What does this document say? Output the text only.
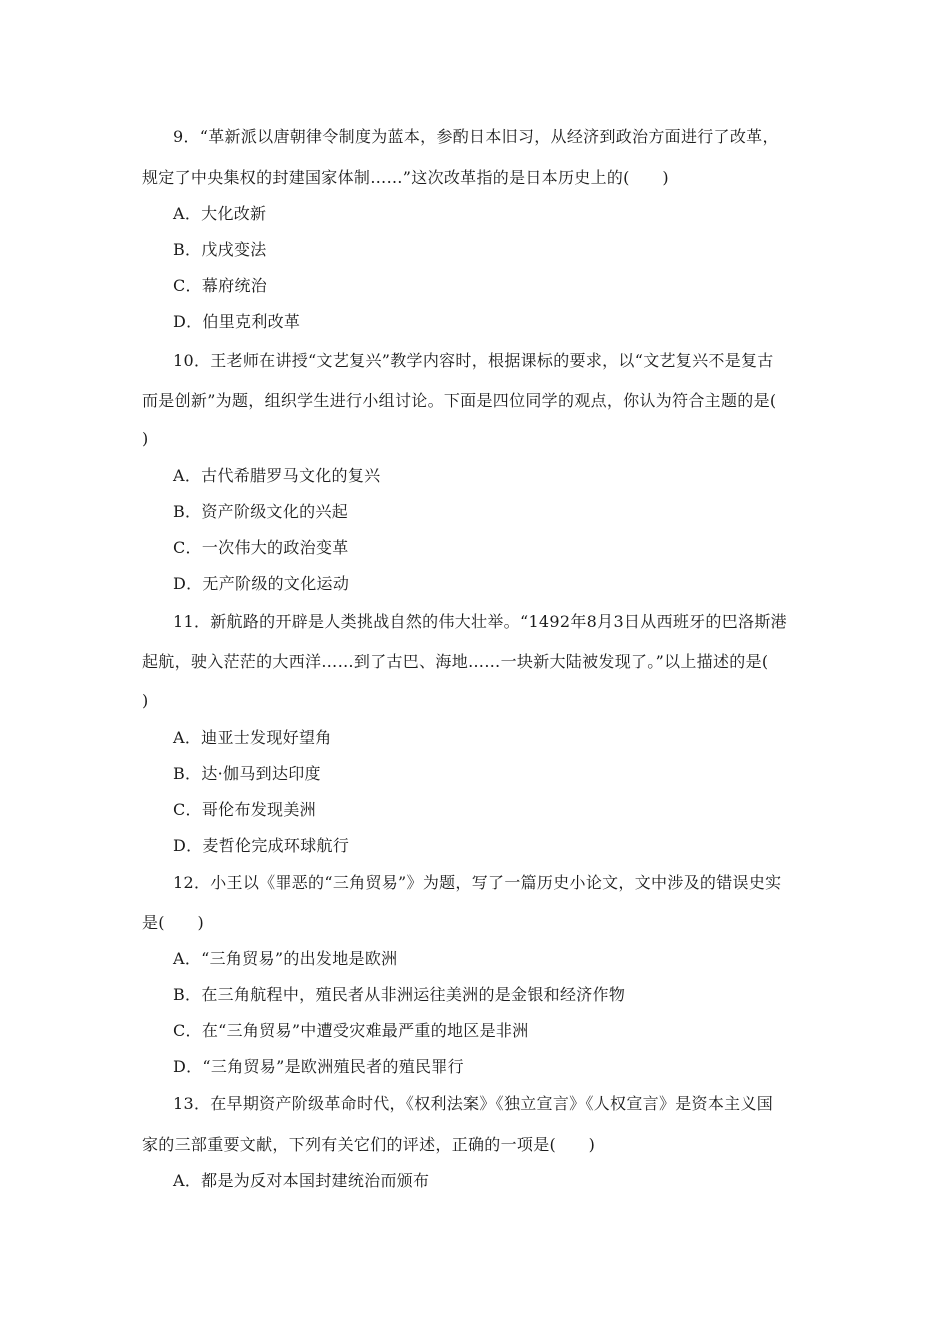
9．“革新派以唐朝律令制度为蓝本，参酌日本旧习，从经济到政治方面进行了改革，
规定了中央集权的封建国家体制……”这次改革指的是日本历史上的(　　)
A．大化改新
B．戊戌变法
C．幕府统治
D．伯里克利改革
10．王老师在讲授“文艺复兴”教学内容时，根据课标的要求，以“文艺复兴不是复古
而是创新”为题，组织学生进行小组讨论。下面是四位同学的观点，你认为符合主题的是(
)
A．古代希腊罗马文化的复兴
B．资产阶级文化的兴起
C．一次伟大的政治变革
D．无产阶级的文化运动
11．新航路的开辟是人类挑战自然的伟大壮举。“1492年8月3日从西班牙的巴洛斯港
起航，驶入茫茫的大西洋……到了古巴、海地……一块新大陆被发现了。”以上描述的是(
)
A．迪亚士发现好望角
B．达·伽马到达印度
C．哥伦布发现美洲
D．麦哲伦完成环球航行
12．小王以《罪恶的“三角贸易”》为题，写了一篇历史小论文，文中涉及的错误史实
是(　　)
A．“三角贸易”的出发地是欧洲
B．在三角航程中，殖民者从非洲运往美洲的是金银和经济作物
C．在“三角贸易”中遭受灾难最严重的地区是非洲
D．“三角贸易”是欧洲殖民者的殖民罪行
13．在早期资产阶级革命时代，《权利法案》《独立宣言》《人权宣言》是资本主义国
家的三部重要文献，下列有关它们的评述，正确的一项是(　　)
A．都是为反对本国封建统治而颁布
